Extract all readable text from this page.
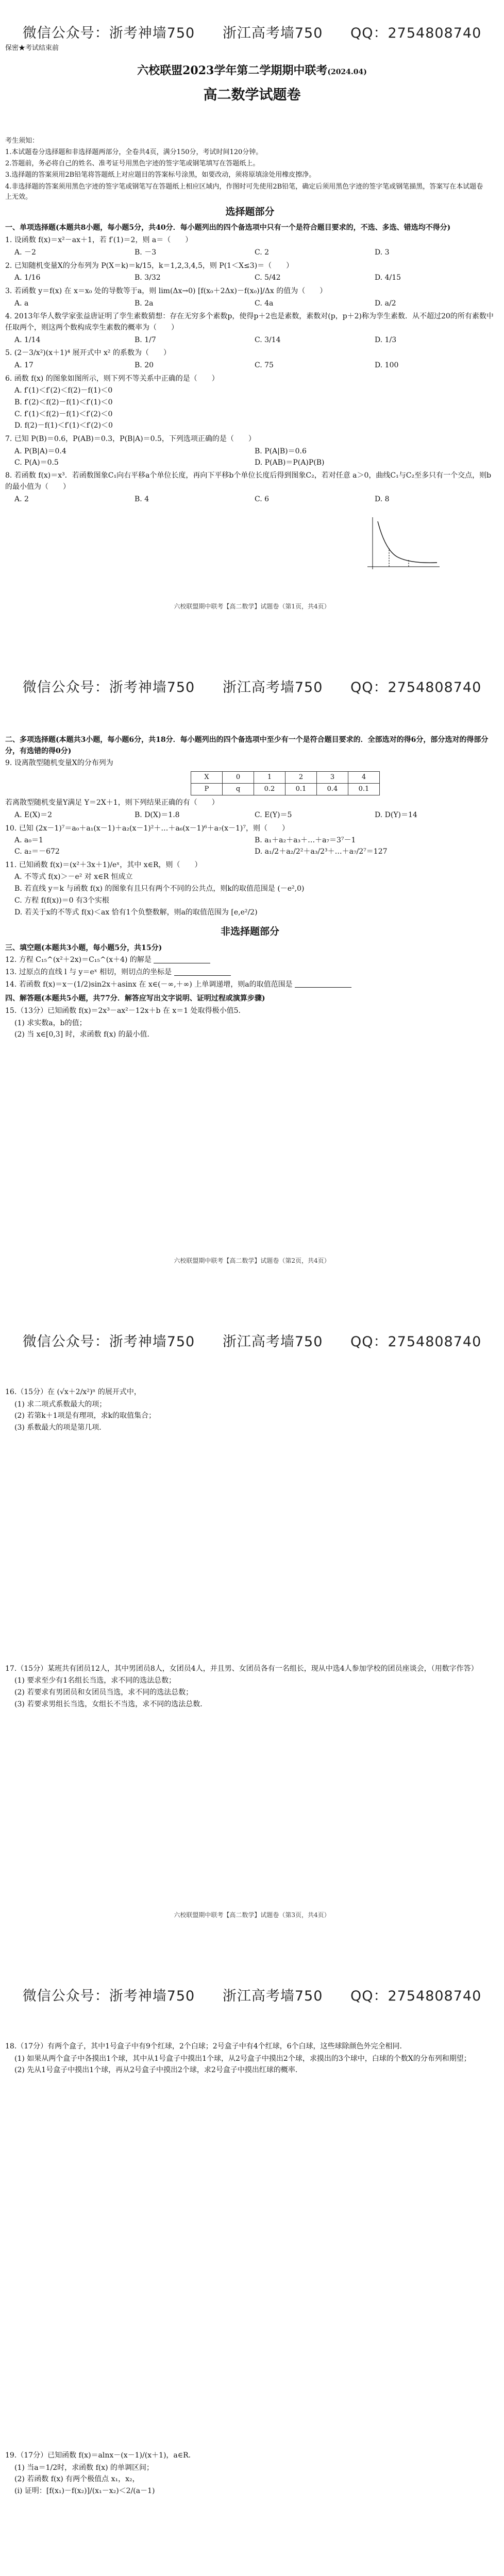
微信公众号：浙考神墙750 浙江高考墙750 QQ：2754808740
保密★考试结束前
六校联盟2023学年第二学期期中联考(2024.04)
高二数学试题卷
考生须知：
1.本试题卷分选择题和非选择题两部分，全卷共4页，满分150分，考试时间120分钟。
2.答题前，务必将自己的姓名、准考证号用黑色字迹的签字笔或钢笔填写在答题纸上。
3.选择题的答案须用2B铅笔将答题纸上对应题目的答案标号涂黑，如要改动，须将原填涂处用橡皮擦净。
4.非选择题的答案须用黑色字迹的签字笔或钢笔写在答题纸上相应区域内，作图时可先使用2B铅笔，确定后须用黑色字迹的签字笔或钢笔描黑，答案写在本试题卷上无效。
选择题部分
一、单项选择题(本题共8小题，每小题5分，共40分．每小题列出的四个备选项中只有一个是符合题目要求的，不选、多选、错选均不得分)
1. 设函数 f(x)＝x²－ax＋1，若 f′(1)＝2，则 a＝（　　）
A. －2	B. －3	C. 2	D. 3
2. 已知随机变量X的分布列为 P(X＝k)＝k/15，k＝1,2,3,4,5，则 P(1＜X≤3)＝（　　）
A. 1/16	B. 3/32	C. 5/42	D. 4/15
3. 若函数 y＝f(x) 在 x＝x₀ 处的导数等于a，则 lim(Δx→0) [f(x₀＋2Δx)－f(x₀)]/Δx 的值为（　　）
A. a	B. 2a	C. 4a	D. a/2
4. 2013年华人数学家张益唐证明了孪生素数猜想：存在无穷多个素数p，使得p＋2也是素数，素数对(p，p＋2)称为孪生素数．从不超过20的所有素数中任取两个，则这两个数构成孪生素数的概率为（　　）
A. 1/14	B. 1/7	C. 3/14	D. 1/3
5. (2－3/x²)(x＋1)⁴ 展开式中 x² 的系数为（　　）
A. 17	B. 20	C. 75	D. 100
6. 函数 f(x) 的图象如图所示，则下列不等关系中正确的是（　　）
A. f′(1)＜f′(2)＜f(2)－f(1)＜0
B. f′(2)＜f(2)－f(1)＜f′(1)＜0
C. f′(1)＜f(2)－f(1)＜f′(2)＜0
D. f(2)－f(1)＜f′(1)＜f′(2)＜0
7. 已知 P(B)＝0.6，P(AB)＝0.3，P(B|A)＝0.5，下列选项正确的是（　　）
A. P(B|A)＝0.4	B. P(A|B)＝0.6
C. P(A)＝0.5	D. P(AB)＝P(A)P(B)
8. 若函数 f(x)＝x³．若函数图象C₁向右平移a个单位长度，再向下平移b个单位长度后得到图象C₂，若对任意 a＞0，曲线C₁与C₂至多只有一个交点，则b的最小值为（　　）
A. 2	B. 4	C. 6	D. 8
六校联盟期中联考【高二数学】试题卷（第1页，共4页）
微信公众号：浙考神墙750 浙江高考墙750 QQ：2754808740
二、多项选择题(本题共3小题，每小题6分，共18分．每小题列出的四个备选项中至少有一个是符合题目要求的．全部选对的得6分，部分选对的得部分分，有选错的得0分)
9. 设离散型随机变量X的分布列为
X	0	1	2	3	4
P	q	0.2	0.1	0.4	0.1
若离散型随机变量Y满足 Y＝2X＋1，则下列结果正确的有（　　）
A. E(X)＝2	B. D(X)＝1.8	C. E(Y)＝5	D. D(Y)＝14
10. 已知 (2x－1)⁷＝a₀＋a₁(x－1)＋a₂(x－1)²＋…＋a₆(x－1)⁶＋a₇(x－1)⁷，则（　　）
A. a₀＝1	B. a₁＋a₂＋a₃＋…＋a₇＝3⁷－1
C. a₂＝－672	D. a₁/2＋a₂/2²＋a₃/2³＋…＋a₇/2⁷＝127
11. 已知函数 f(x)＝(x²＋3x＋1)/eˣ，其中 x∈R，则（　　）
A. 不等式 f(x)＞－e² 对 x∈R 恒成立
B. 若直线 y＝k 与函数 f(x) 的图象有且只有两个不同的公共点，则k的取值范围是 (－e²,0)
C. 方程 f(f(x))＝0 有3个实根
D. 若关于x的不等式 f(x)＜ax 恰有1个负整数解，则a的取值范围为 [e,e²/2)
非选择题部分
三、填空题(本题共3小题，每小题5分，共15分)
12. 方程 C₁₅^(x²＋2x)＝C₁₅^(x＋4) 的解是
13. 过原点的直线 l 与 y＝eˣ 相切，则切点的坐标是
14. 若函数 f(x)＝x－(1/2)sin2x＋asinx 在 x∈(－∞,＋∞) 上单调递增，则a的取值范围是
四、解答题(本题共5小题，共77分．解答应写出文字说明、证明过程或演算步骤)
15.（13分）已知函数 f(x)＝2x³－ax²－12x＋b 在 x＝1 处取得极小值5．
(1) 求实数a，b的值；
(2) 当 x∈[0,3] 时，求函数 f(x) 的最小值．
六校联盟期中联考【高二数学】试题卷（第2页，共4页）
微信公众号：浙考神墙750 浙江高考墙750 QQ：2754808740
16.（15分）在 (√x＋2/x²)ⁿ 的展开式中，
(1) 求二项式系数最大的项；
(2) 若第k＋1项是有理项，求k的取值集合；
(3) 系数最大的项是第几项．
17.（15分）某班共有团员12人，其中男团员8人，女团员4人，并且男、女团员各有一名组长，现从中选4人参加学校的团员座谈会，（用数字作答）
(1) 要求至少有1名组长当选，求不同的选法总数；
(2) 若要求有男团员和女团员当选，求不同的选法总数；
(3) 若要求男组长当选，女组长不当选，求不同的选法总数．
六校联盟期中联考【高二数学】试题卷（第3页，共4页）
微信公众号：浙考神墙750 浙江高考墙750 QQ：2754808740
18.（17分）有两个盒子，其中1号盒子中有9个红球，2个白球；2号盒子中有4个红球，6个白球，这些球除颜色外完全相同．
(1) 如果从两个盒子中各摸出1个球，其中从1号盒子中摸出1个球，从2号盒子中摸出2个球，求摸出的3个球中，白球的个数X的分布列和期望；
(2) 先从1号盒子中摸出1个球，再从2号盒子中摸出2个球，求2号盒子中摸出红球的概率．
19.（17分）已知函数 f(x)＝alnx－(x－1)/(x＋1)，a∈R．
(1) 当a＝1/2时，求函数 f(x) 的单调区间；
(2) 若函数 f(x) 有两个极值点 x₁，x₂，
(i) 证明：[f(x₁)－f(x₂)]/(x₁－x₂)＜2/(a－1)
